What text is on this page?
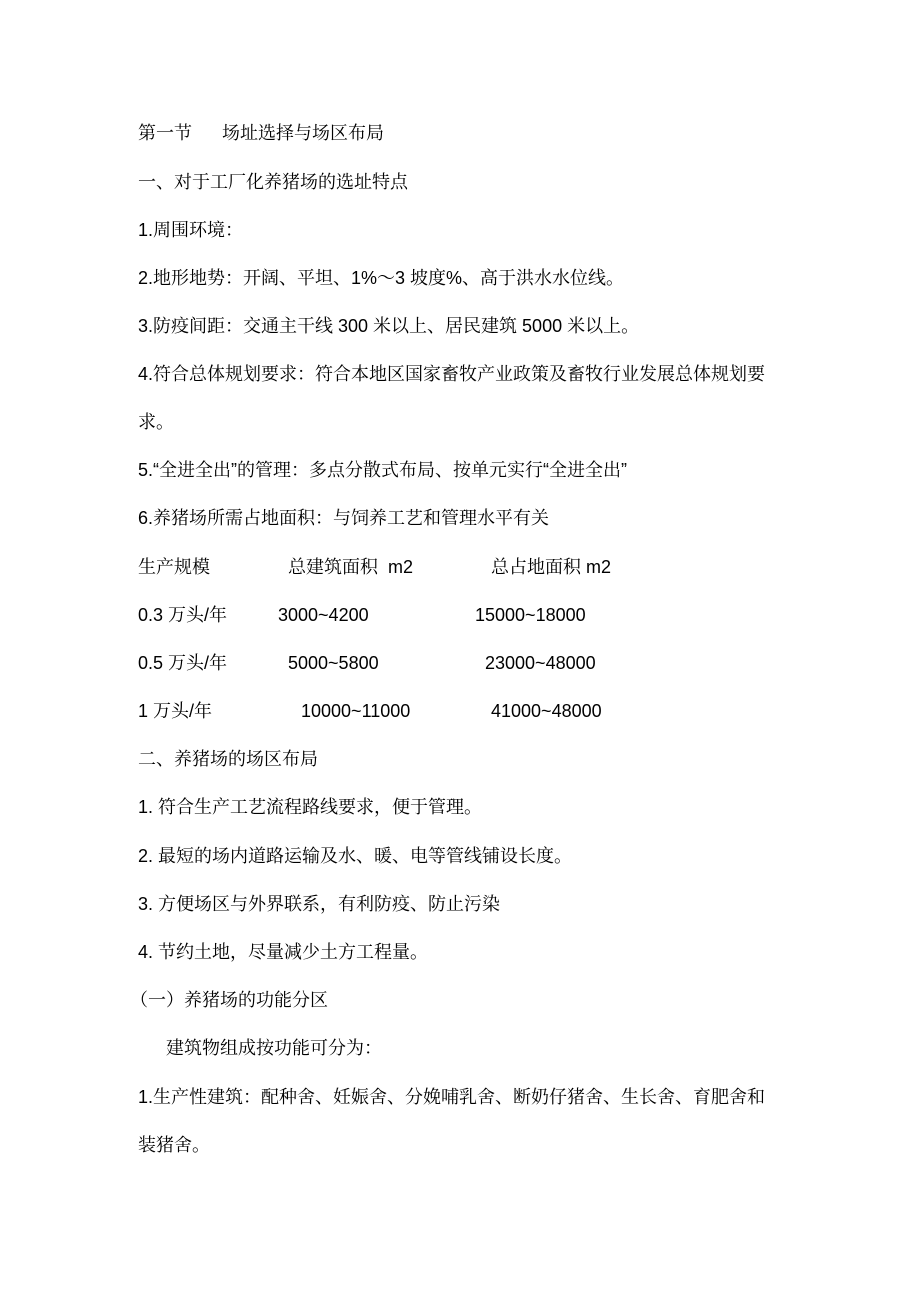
第一节      场址选择与场区布局
一、对于工厂化养猪场的选址特点
1.周围环境：
2.地形地势：开阔、平坦、1%～3 坡度%、高于洪水水位线。
3.防疫间距：交通主干线 300 米以上、居民建筑 5000 米以上。
4.符合总体规划要求：符合本地区国家畜牧产业政策及畜牧行业发展总体规划要
求。
5.“全进全出”的管理：多点分散式布局、按单元实行“全进全出”
6.养猪场所需占地面积：与饲养工艺和管理水平有关
生产规模	总建筑面积  m2	总占地面积 m2
0.3 万头/年	3000~4200	15000~18000
0.5 万头/年	5000~5800	23000~48000
1 万头/年	10000~11000	41000~48000
二、养猪场的场区布局
1. 符合生产工艺流程路线要求，便于管理。
2. 最短的场内道路运输及水、暖、电等管线铺设长度。
3. 方便场区与外界联系，有利防疫、防止污染
4. 节约土地，尽量减少土方工程量。
（一）养猪场的功能分区
建筑物组成按功能可分为：
1.生产性建筑：配种舍、妊娠舍、分娩哺乳舍、断奶仔猪舍、生长舍、育肥舍和
装猪舍。
